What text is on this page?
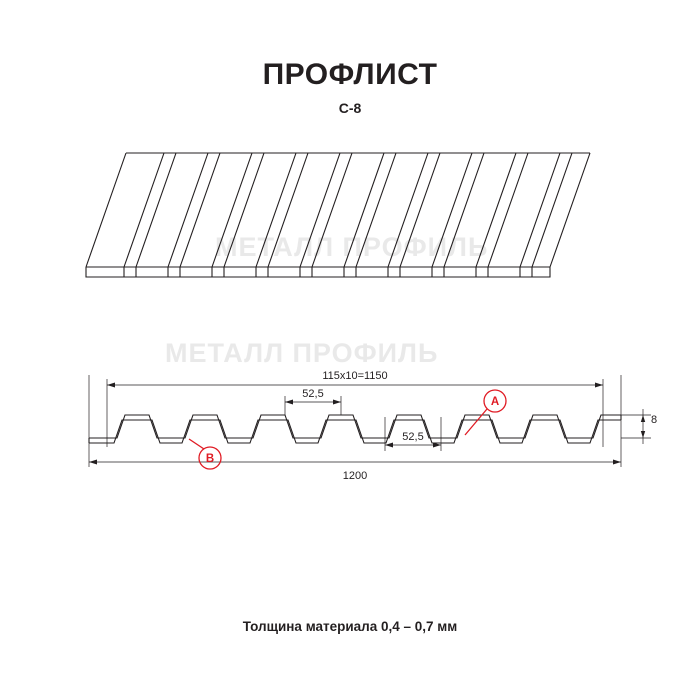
ПРОФЛИСТ
C-8
МЕТАЛЛ ПРОФИЛЬ
МЕТАЛЛ ПРОФИЛЬ
115х10=1150
52,5
52,5
1200
8
A
B
Толщина материала 0,4 – 0,7 мм
